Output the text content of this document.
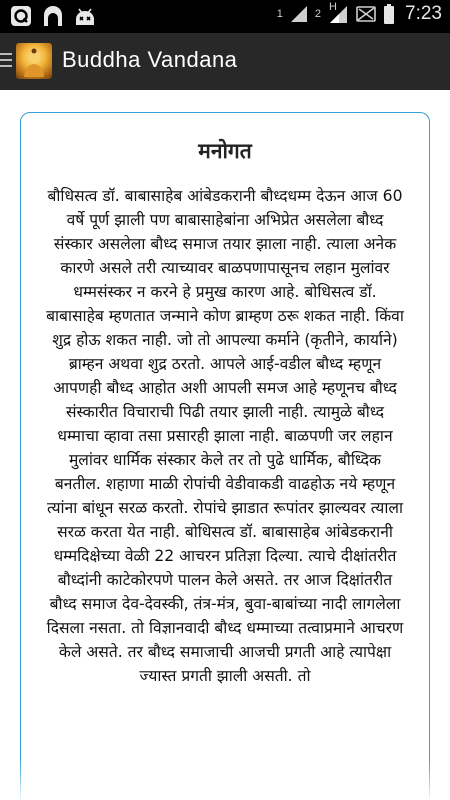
1	2
H	7:23
Buddha Vandana
मनोगत
बौधिसत्व डॉ. बाबासाहेब आंबेडकरानी बौध्दधम्म देऊन आज 60 वर्षे पूर्ण झाली पण बाबासाहेबांना अभिप्रेत असलेला बौध्द संस्कार असलेला बौध्द समाज तयार झाला नाही. त्याला अनेक कारणे असले तरी त्याच्यावर बाळपणापासूनच लहान मुलांवर धम्मसंस्कर न करने हे प्रमुख कारण आहे. बोधिसत्व डॉ. बाबासाहेब म्हणतात जन्माने कोण ब्राम्हण ठरू शकत नाही. किंवा शुद्र होऊ शकत नाही. जो तो आपल्या कर्माने (कृतीने, कार्याने) ब्राम्हन अथवा शुद्र ठरतो. आपले आई-वडील बौध्द म्हणून आपणही बौध्द आहोत अशी आपली समज आहे म्हणूनच बौध्द संस्कारीत विचाराची पिढी तयार झाली नाही. त्यामुळे बौध्द धम्माचा व्हावा तसा प्रसारही झाला नाही. बाळपणी जर लहान मुलांवर धार्मिक संस्कार केले तर तो पुढे धार्मिक, बौध्दिक बनतील. शहाणा माळी रोपांची वेडीवाकडी वाढहोऊ नये म्हणून त्यांना बांधून सरळ करतो. रोपांचे झाडात रूपांतर झाल्यवर त्याला सरळ करता येत नाही. बोधिसत्व डॉ. बाबासाहेब आंबेडकरानी धम्मदिक्षेच्या वेळी 22 आचरन प्रतिज्ञा दिल्या. त्याचे दीक्षांतरीत बौध्दांनी काटेकोरपणे पालन केले असते. तर आज दिक्षांतरीत बौध्द समाज देव-देवस्की, तंत्र-मंत्र, बुवा-बाबांच्या नादी लागलेला दिसला नसता. तो विज्ञानवादी बौध्द धम्माच्या तत्वाप्रमाने आचरण केले असते. तर बौध्द समाजाची आजची प्रगती आहे त्यापेक्षा ज्यास्त प्रगती झाली असती. तो
